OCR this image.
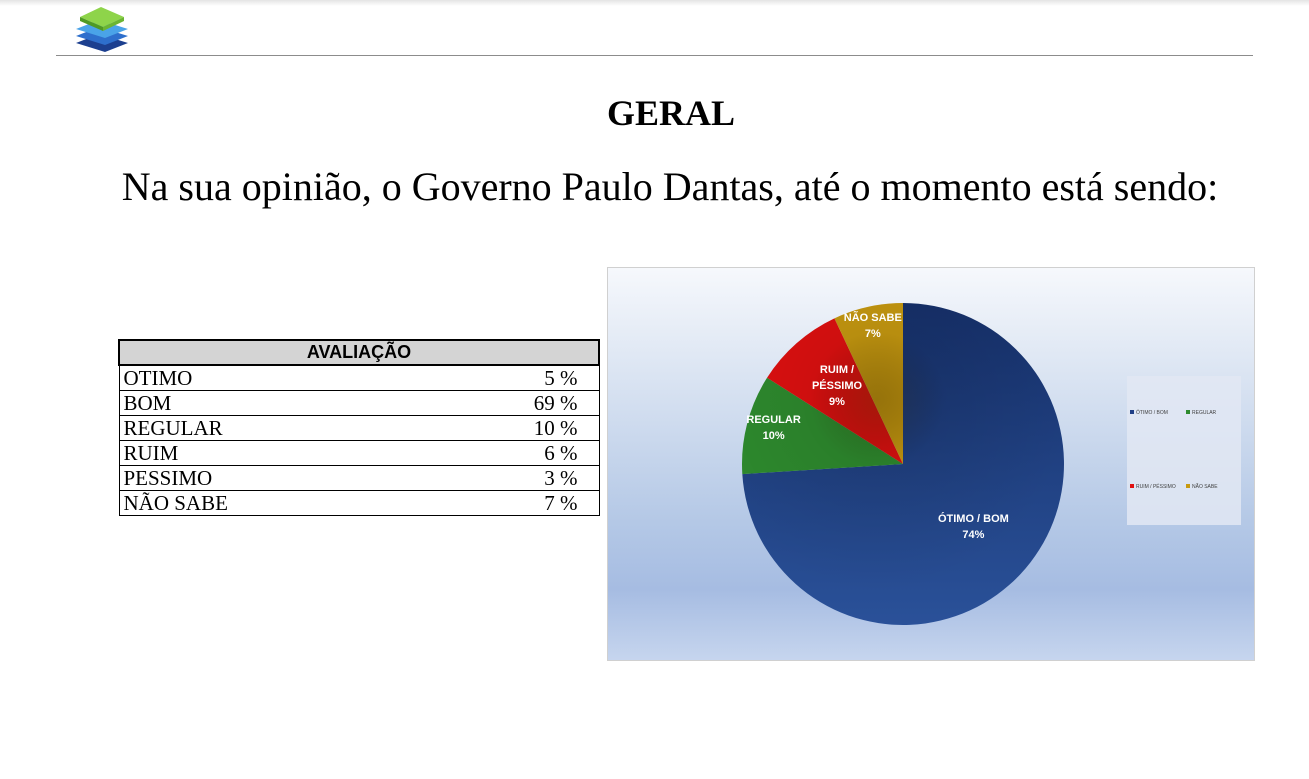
GERAL
Na sua opinião, o Governo Paulo Dantas, até o momento está sendo:
AVALIAÇÃO	
OTIMO	5 %
BOM	69 %
REGULAR	10 %
RUIM	6 %
PESSIMO	3 %
NÃO SABE	7 %
ÓTIMO / BOM 74%
REGULAR 10%
RUIM / PÉSSIMO 9%
NÃO SABE 7%
ÓTIMO / BOM	REGULAR
RUIM / PÉSSIMO	NÃO SABE
